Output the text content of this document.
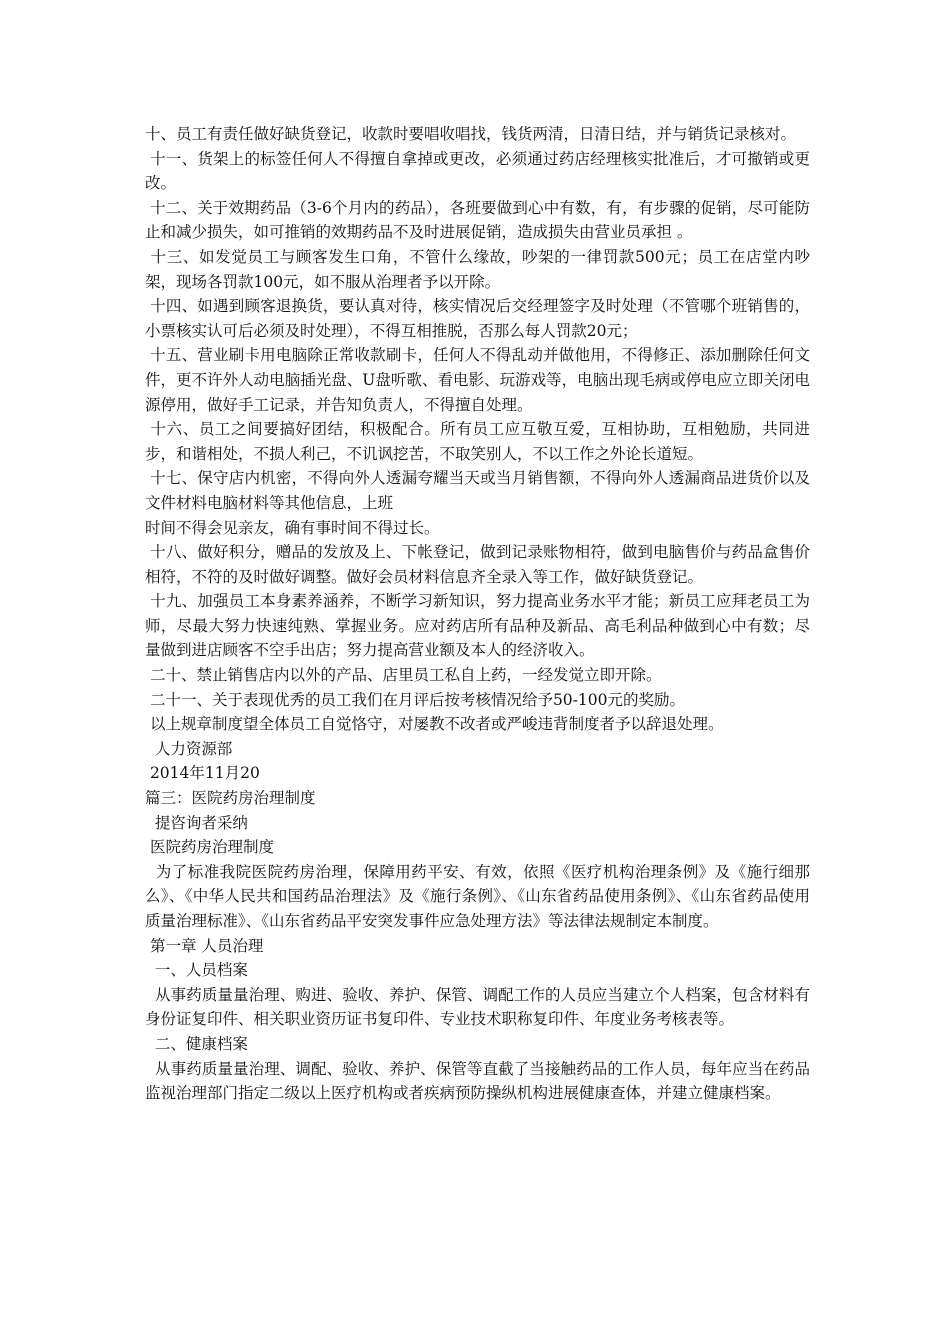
十、员工有责任做好缺货登记，收款时要唱收唱找，钱货两清，日清日结，并与销货记录核对。

十一、货架上的标签任何人不得擅自拿掉或更改，必须通过药店经理核实批准后，才可撤销或更改。

十二、关于效期药品（3-6个月内的药品），各班要做到心中有数，有，有步骤的促销，尽可能防止和减少损失，如可推销的效期药品不及时进展促销，造成损失由营业员承担 。

十三、如发觉员工与顾客发生口角，不管什么缘故，吵架的一律罚款500元；员工在店堂内吵架，现场各罚款100元，如不服从治理者予以开除。

十四、如遇到顾客退换货，要认真对待，核实情况后交经理签字及时处理（不管哪个班销售的，小票核实认可后必须及时处理），不得互相推脱，否那么每人罚款20元；

十五、营业刷卡用电脑除正常收款刷卡，任何人不得乱动并做他用，不得修正、添加删除任何文件，更不许外人动电脑插光盘、U盘听歌、看电影、玩游戏等，电脑出现毛病或停电应立即关闭电源停用，做好手工记录，并告知负责人，不得擅自处理。

十六、员工之间要搞好团结，积极配合。所有员工应互敬互爱，互相协助，互相勉励，共同进步，和谐相处，不损人利己，不讥讽挖苦，不取笑别人，不以工作之外论长道短。

十七、保守店内机密，不得向外人透漏夸耀当天或当月销售额，不得向外人透漏商品进货价以及文件材料电脑材料等其他信息，上班

时间不得会见亲友，确有事时间不得过长。

十八、做好积分，赠品的发放及上、下帐登记，做到记录账物相符，做到电脑售价与药品盒售价相符，不符的及时做好调整。做好会员材料信息齐全录入等工作，做好缺货登记。

十九、加强员工本身素养涵养，不断学习新知识，努力提高业务水平才能；新员工应拜老员工为师，尽最大努力快速纯熟、掌握业务。应对药店所有品种及新品、高毛利品种做到心中有数；尽量做到进店顾客不空手出店；努力提高营业额及本人的经济收入。

二十、禁止销售店内以外的产品、店里员工私自上药，一经发觉立即开除。

二十一、关于表现优秀的员工我们在月评后按考核情况给予50-100元的奖励。

以上规章制度望全体员工自觉恪守，对屡教不改者或严峻违背制度者予以辞退处理。

人力资源部

2014年11月20

篇三：医院药房治理制度

提咨询者采纳

医院药房治理制度

为了标准我院医院药房治理，保障用药平安、有效，依照《医疗机构治理条例》及《施行细那么》、《中华人民共和国药品治理法》及《施行条例》、《山东省药品使用条例》、《山东省药品使用质量治理标准》、《山东省药品平安突发事件应急处理方法》等法律法规制定本制度。

第一章 人员治理

一、人员档案

从事药质量量治理、购进、验收、养护、保管、调配工作的人员应当建立个人档案，包含材料有身份证复印件、相关职业资历证书复印件、专业技术职称复印件、年度业务考核表等。

二、健康档案

从事药质量量治理、调配、验收、养护、保管等直截了当接触药品的工作人员，每年应当在药品监视治理部门指定二级以上医疗机构或者疾病预防操纵机构进展健康查体，并建立健康档案。
